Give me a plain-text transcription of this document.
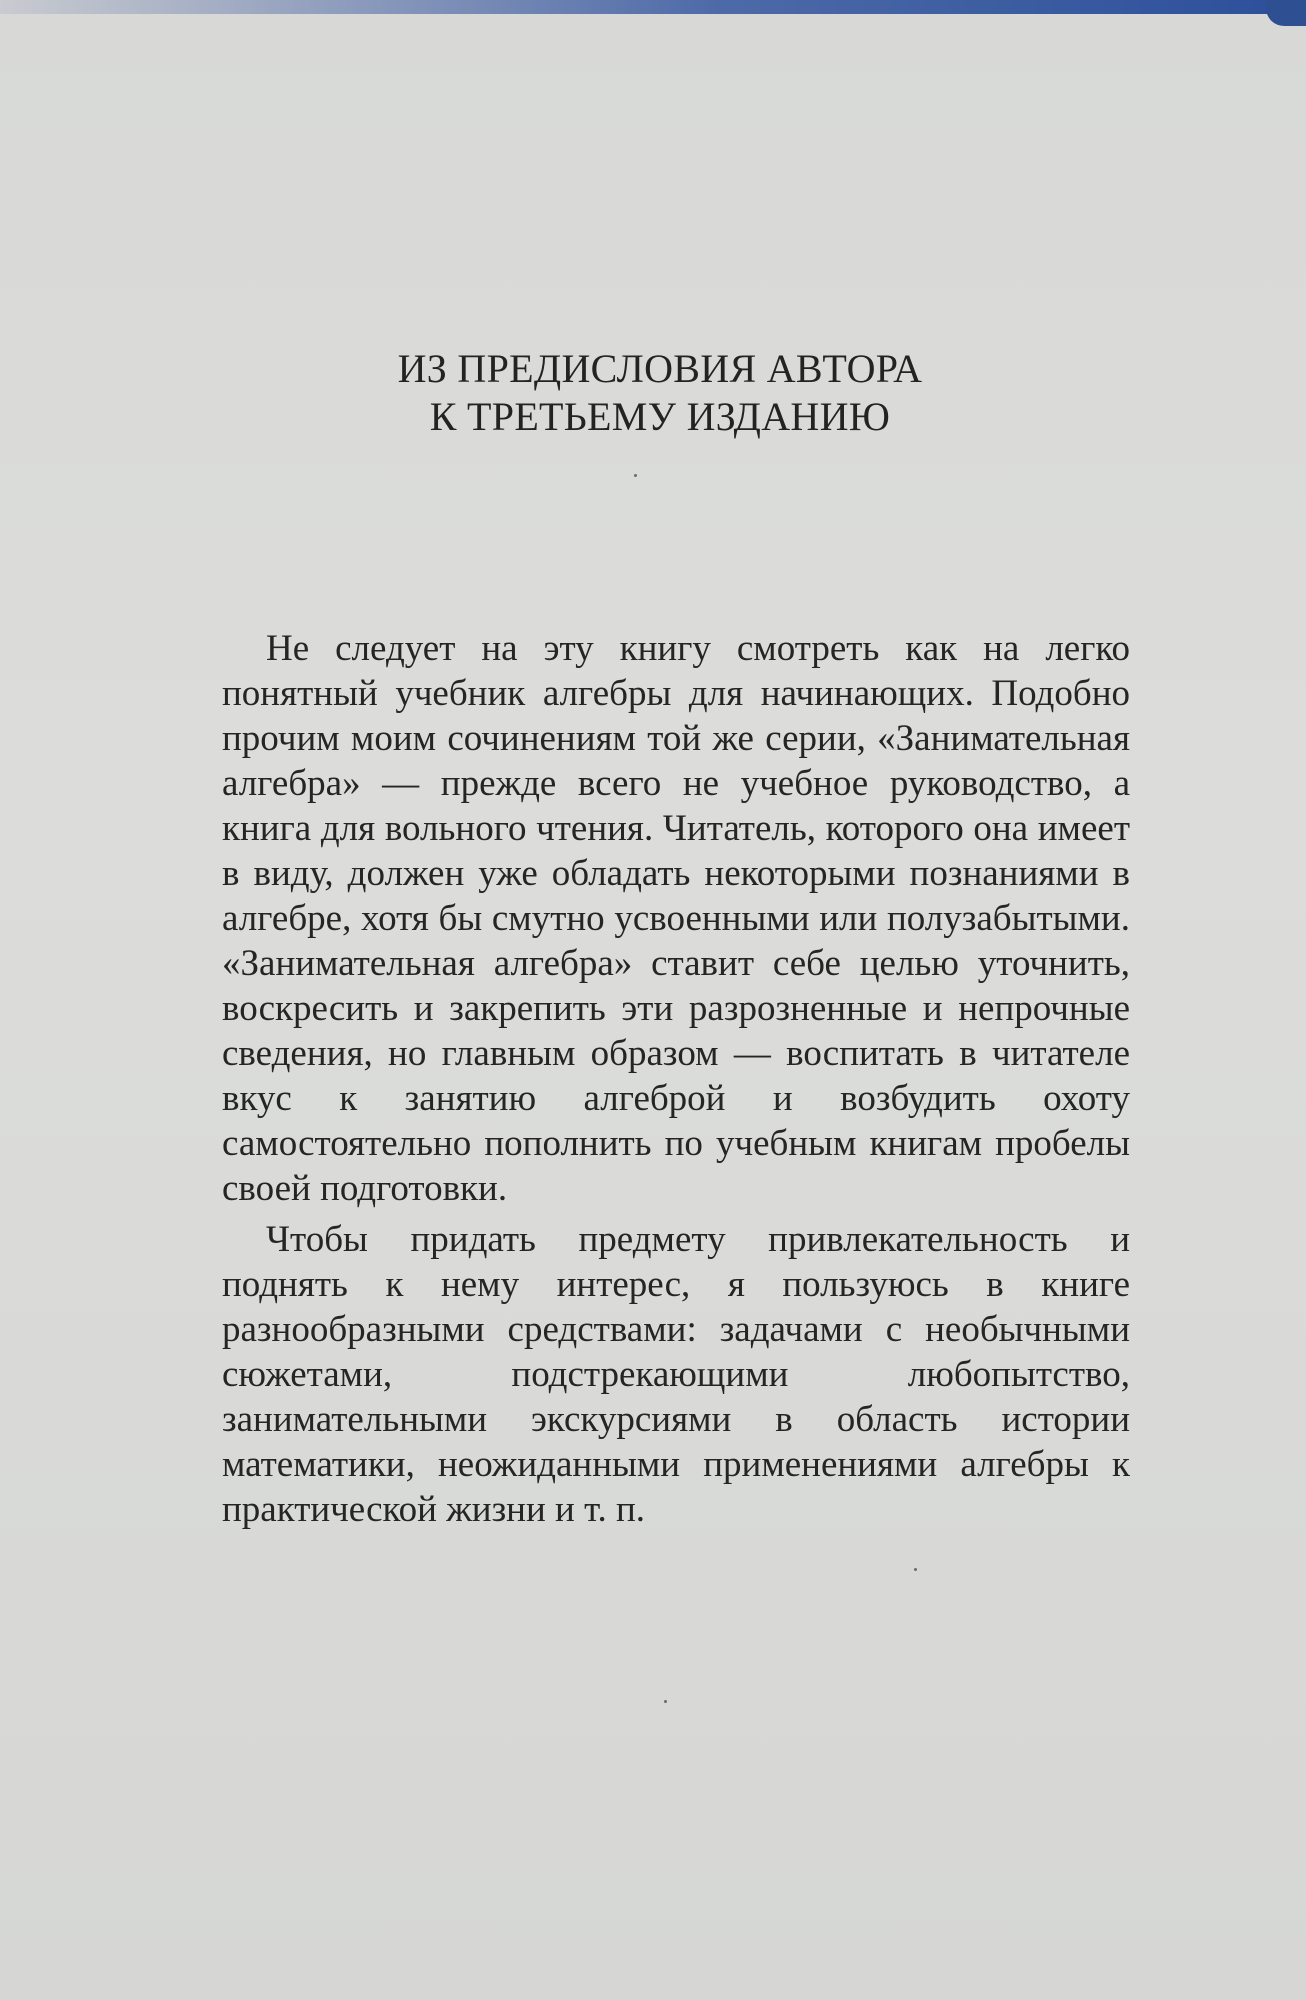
ИЗ ПРЕДИСЛОВИЯ АВТОРА
К ТРЕТЬЕМУ ИЗДАНИЮ

Не следует на эту книгу смотреть как на легко понятный учебник алгебры для начинающих. Подобно прочим моим сочинениям той же серии, «Занимательная алгебра» — прежде всего не учебное руководство, а книга для вольного чтения. Читатель, которого она имеет в виду, должен уже обладать некоторыми познаниями в алгебре, хотя бы смутно усвоенными или полузабытыми. «Занимательная алгебра» ставит себе целью уточнить, воскресить и закрепить эти разрозненные и непрочные сведения, но главным образом — воспитать в читателе вкус к занятию алгеброй и возбудить охоту самостоятельно пополнить по учебным книгам пробелы своей подготовки.

Чтобы придать предмету привлекательность и поднять к нему интерес, я пользуюсь в книге разнообразными средствами: задачами с необычными сюжетами, подстрекающими любопытство, занимательными экскурсиями в область истории математики, неожиданными применениями алгебры к практической жизни и т. п.
